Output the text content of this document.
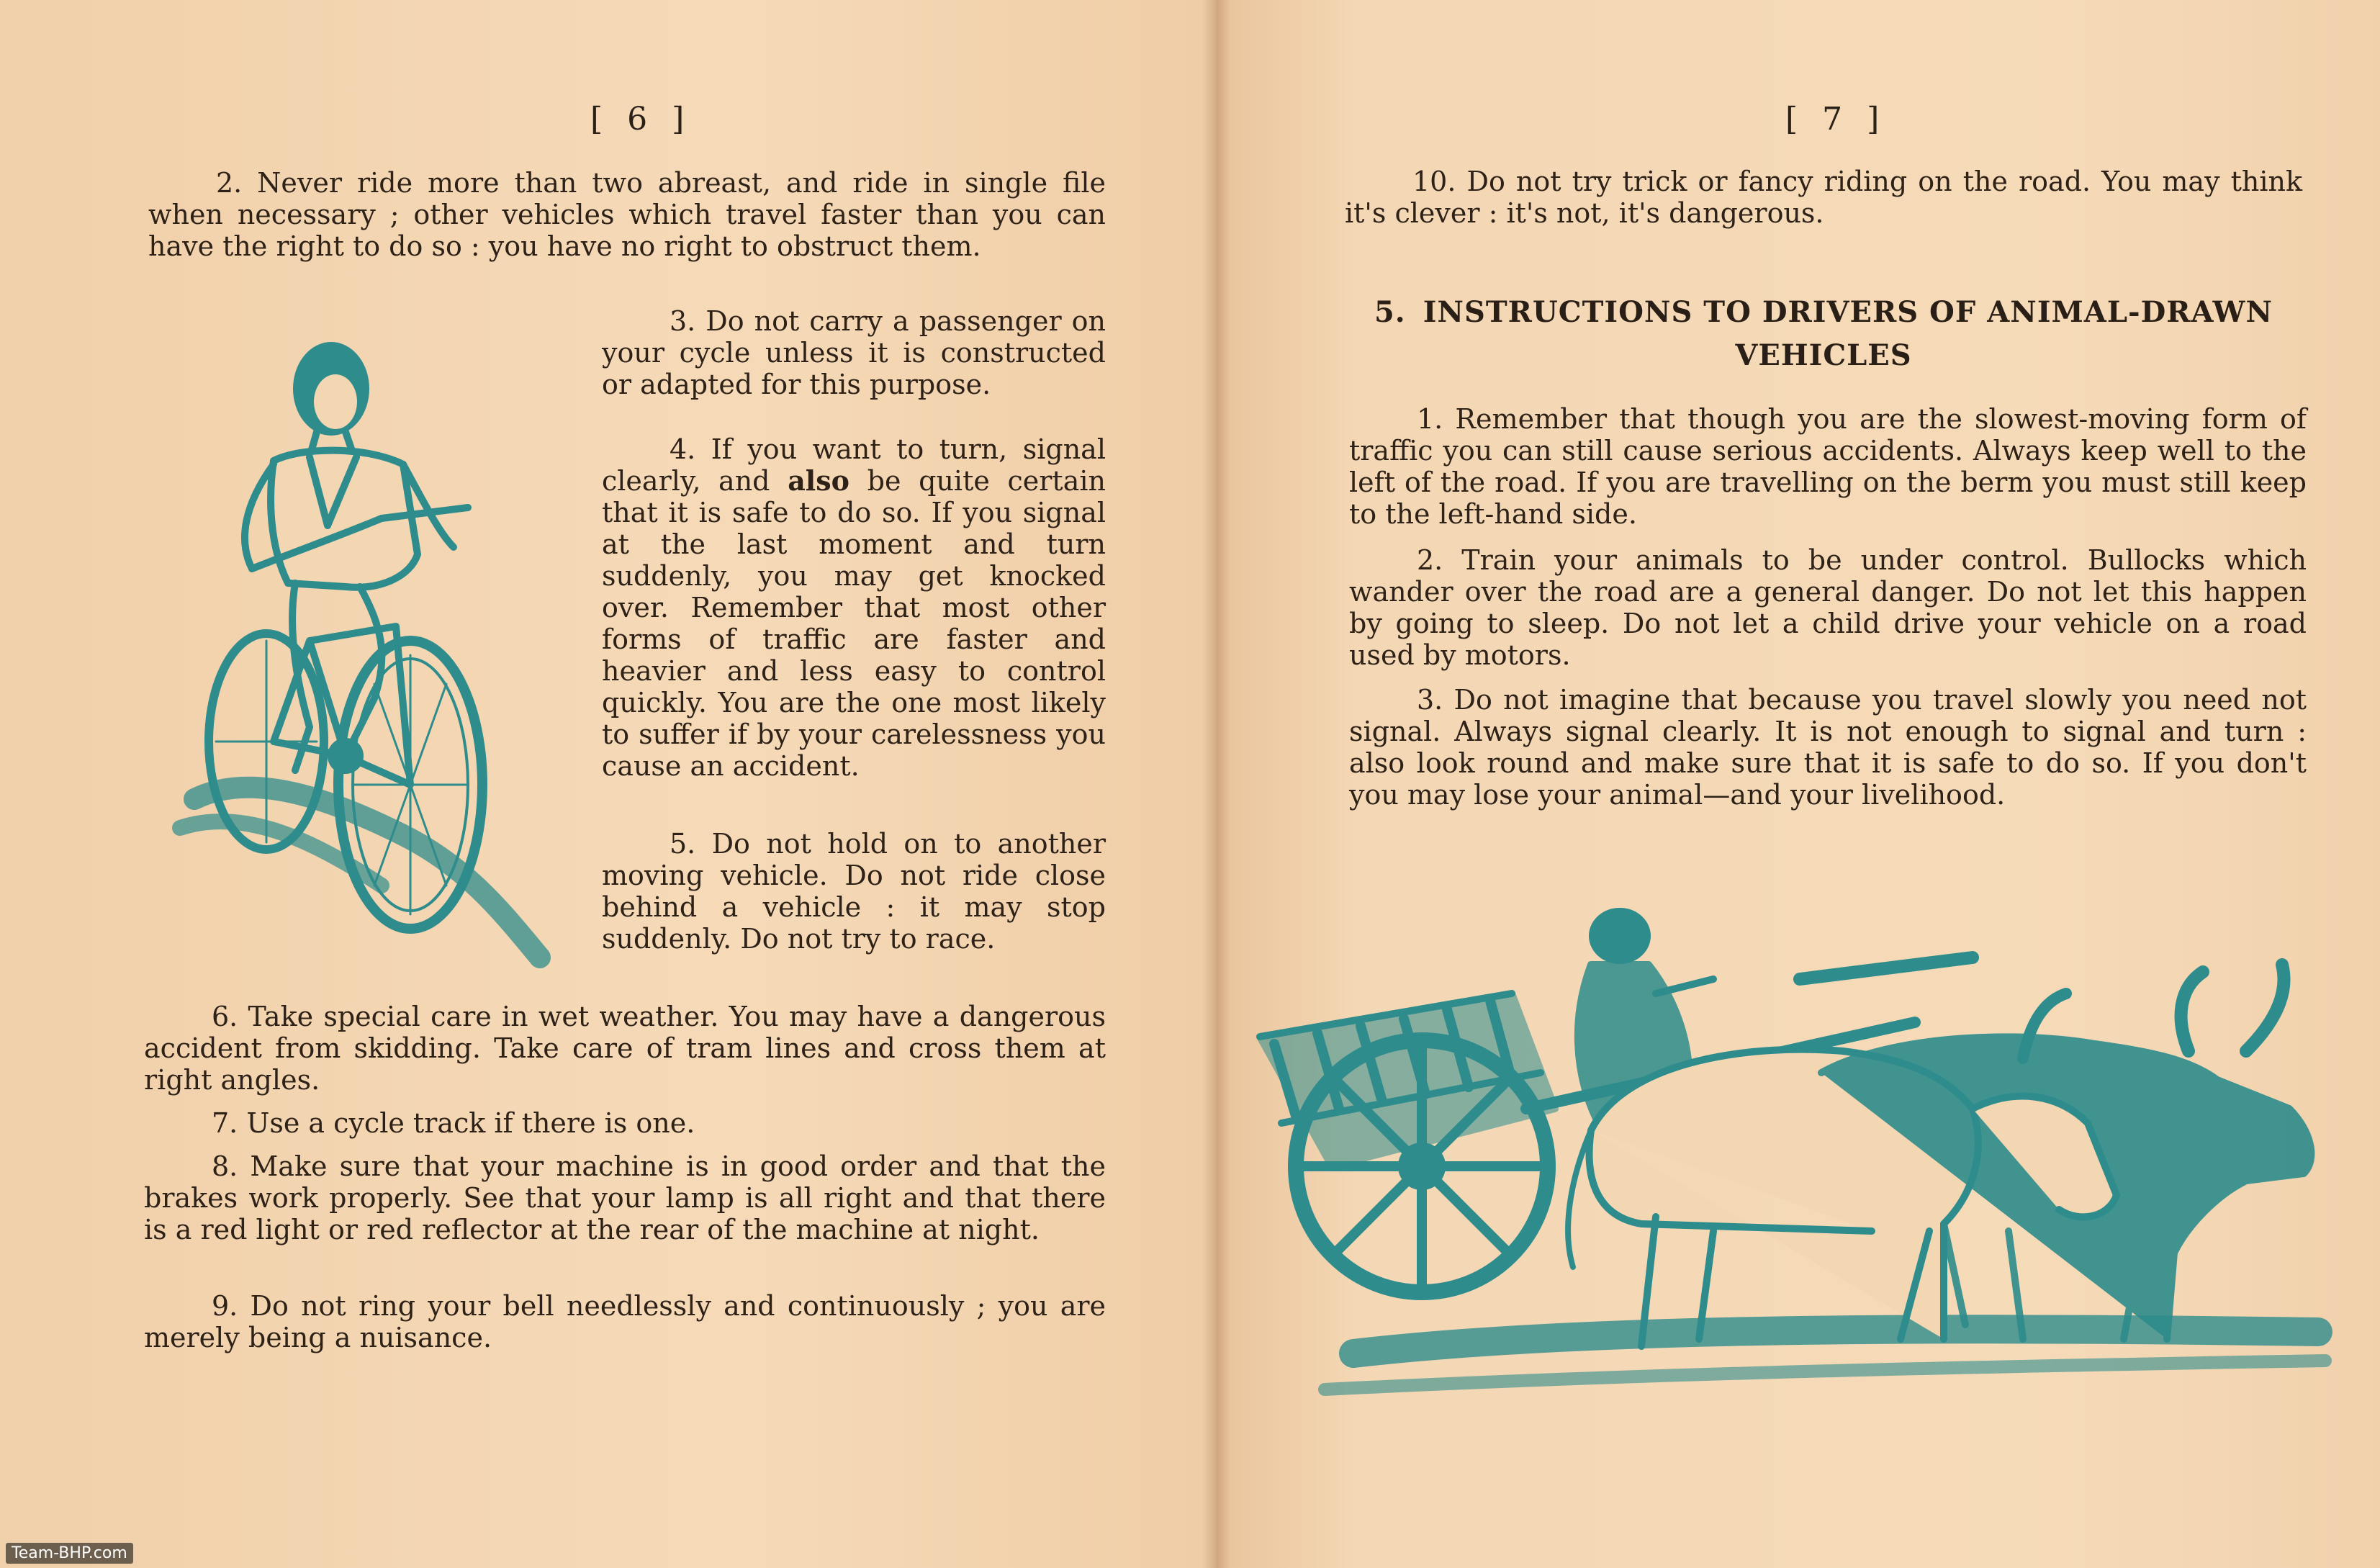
[ 6 ]

2. Never ride more than two abreast, and ride in single file when necessary ; other vehicles which travel faster than you can have the right to do so : you have no right to obstruct them.

3. Do not carry a passenger on your cycle unless it is constructed or adapted for this purpose.

4. If you want to turn, signal clearly, and also be quite certain that it is safe to do so. If you signal at the last moment and turn suddenly, you may get knocked over. Remember that most other forms of traffic are faster and heavier and less easy to control quickly. You are the one most likely to suffer if by your carelessness you cause an accident.

5. Do not hold on to another moving vehicle. Do not ride close behind a vehicle : it may stop suddenly. Do not try to race.

6. Take special care in wet weather. You may have a dangerous accident from skidding. Take care of tram lines and cross them at right angles.

7. Use a cycle track if there is one.

8. Make sure that your machine is in good order and that the brakes work properly. See that your lamp is all right and that there is a red light or red reflector at the rear of the machine at night.

9. Do not ring your bell needlessly and continuously ; you are merely being a nuisance.

[ 7 ]

10. Do not try trick or fancy riding on the road. You may think it's clever : it's not, it's dangerous.

5. INSTRUCTIONS TO DRIVERS OF ANIMAL-DRAWN VEHICLES

1. Remember that though you are the slowest-moving form of traffic you can still cause serious accidents. Always keep well to the left of the road. If you are travelling on the berm you must still keep to the left-hand side.

2. Train your animals to be under control. Bullocks which wander over the road are a general danger. Do not let this happen by going to sleep. Do not let a child drive your vehicle on a road used by motors.

3. Do not imagine that because you travel slowly you need not signal. Always signal clearly. It is not enough to signal and turn : also look round and make sure that it is safe to do so. If you don't you may lose your animal—and your livelihood.

Team-BHP.com
